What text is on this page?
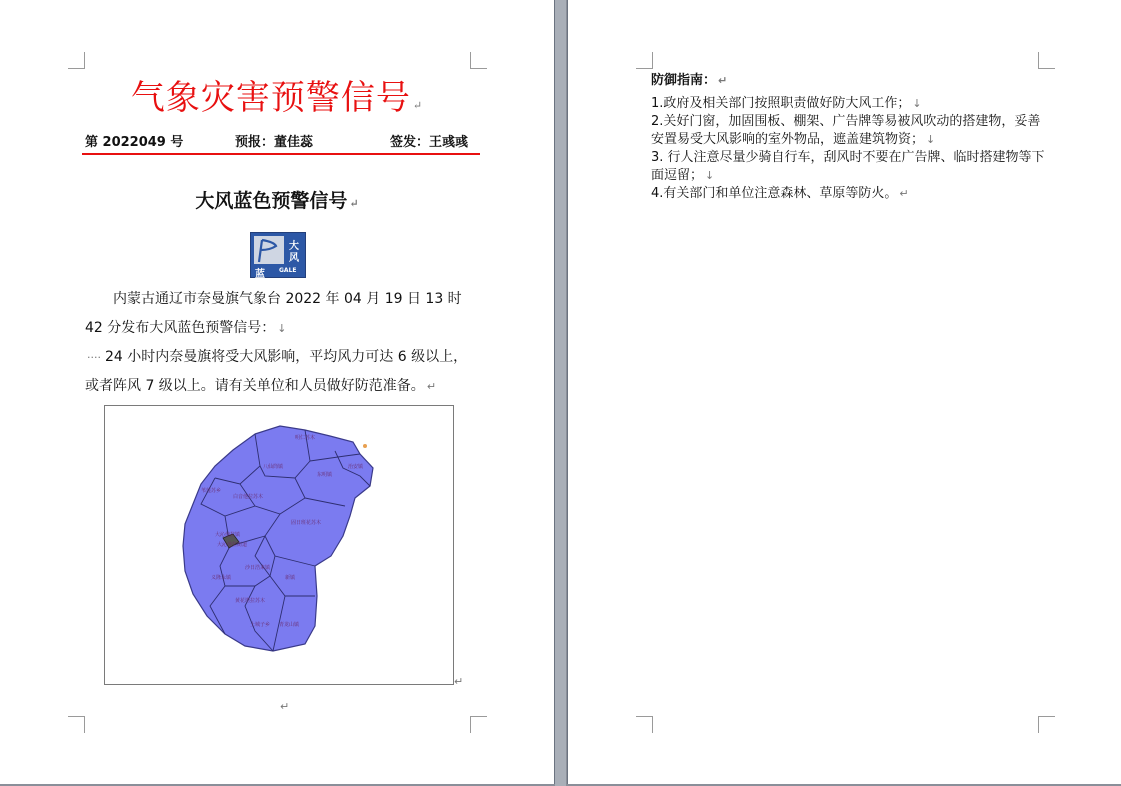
气象灾害预警信号 ↵
第 2022049 号	预报：董佳蕊	签发：王彧彧
大风蓝色预警信号 ↵
大
风
蓝 GALE
内蒙古通辽市奈曼旗气象台 2022 年 04 月 19 日 13 时 42 分发布大风蓝色预警信号： ↓
···· 24 小时内奈曼旗将受大风影响，平均风力可达 6 级以上，或者阵风 7 级以上。请有关单位和人员做好防范准备。 ↵
明仁苏木
八仙筒镇
东明镇
治安镇
白音他拉苏木
固日班花苏木
大沁他拉镇
大沁他拉街道
沙日浩来镇
义隆永镇	新镇
青龙山镇
土城子乡
黄花塔拉苏木
苇莲苏乡
↵
↵
防御指南： ↵
1.政府及相关部门按照职责做好防大风工作； ↓
2.关好门窗，加固围板、棚架、广告牌等易被风吹动的搭建物，妥善安置易受大风影响的室外物品，遮盖建筑物资； ↓
3. 行人注意尽量少骑自行车，刮风时不要在广告牌、临时搭建物等下面逗留； ↓
4.有关部门和单位注意森林、草原等防火。 ↵
